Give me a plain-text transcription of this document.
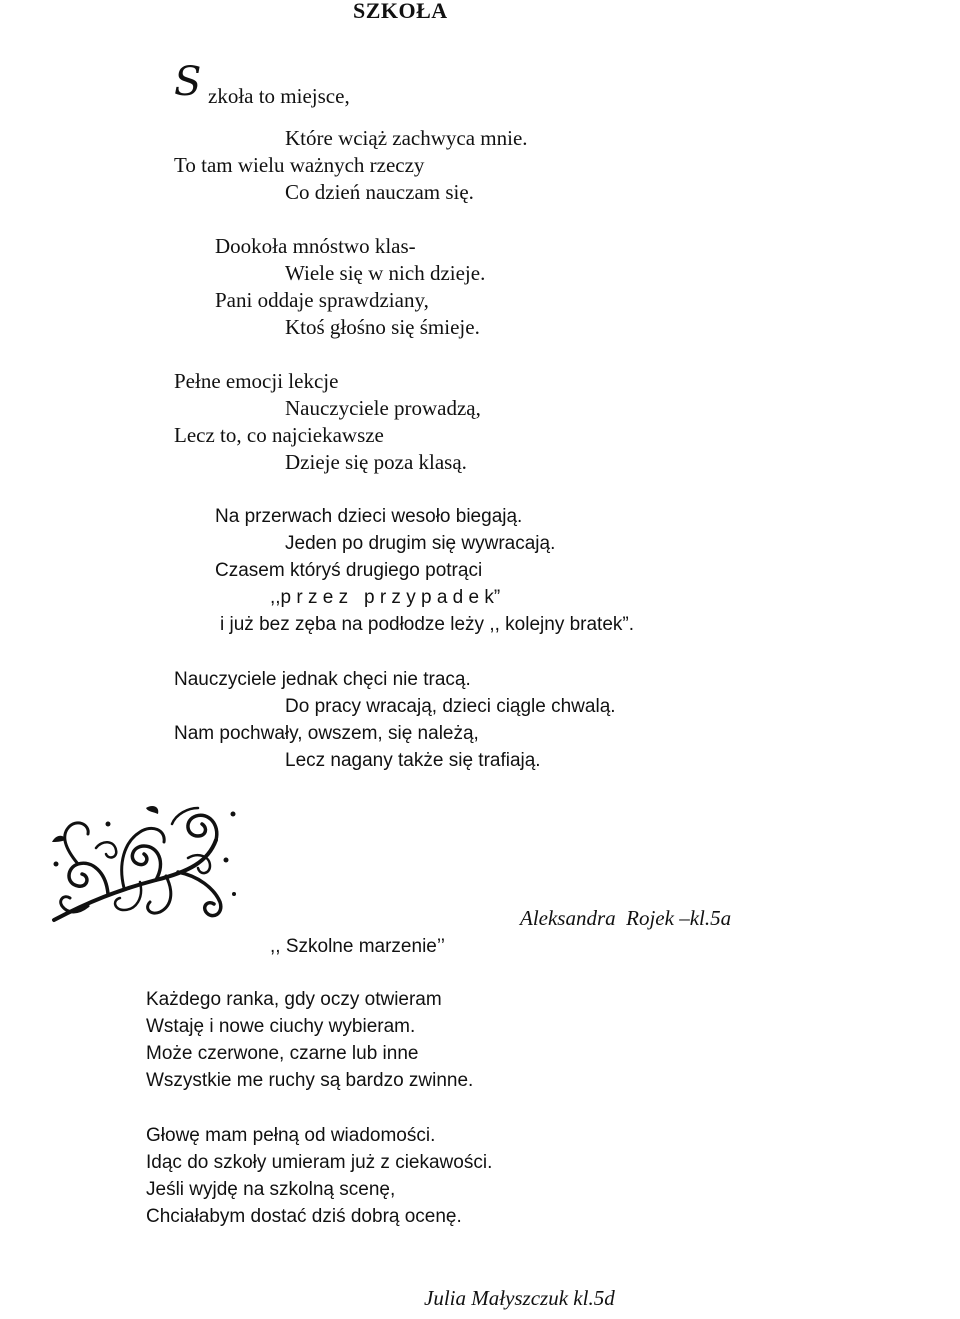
SZKOŁA
S zkoła to miejsce,
Które wciąż zachwyca mnie.
To tam wielu ważnych rzeczy
Co dzień nauczam się.
Dookoła mnóstwo klas-
Wiele się w nich dzieje.
Pani oddaje sprawdziany,
Ktoś głośno się śmieje.
Pełne emocji lekcje
Nauczyciele prowadzą,
Lecz to, co najciekawsze
Dzieje się poza klasą.
Na przerwach dzieci wesoło biegają.
Jeden po drugim się wywracają.
Czasem któryś drugiego potrąci
,,p r z e z   p r z y p a d e k”
i już bez zęba na podłodze leży ,, kolejny bratek”.
Nauczyciele jednak chęci nie tracą.
Do pracy wracają, dzieci ciągle chwalą.
Nam pochwały, owszem, się należą,
Lecz nagany także się trafiają.
Aleksandra  Rojek –kl.5a
,, Szkolne marzenie’’
Każdego ranka, gdy oczy otwieram
Wstaję i nowe ciuchy wybieram.
Może czerwone, czarne lub inne
Wszystkie me ruchy są bardzo zwinne.
Głowę mam pełną od wiadomości.
Idąc do szkoły umieram już z ciekawości.
Jeśli wyjdę na szkolną scenę,
Chciałabym dostać dziś dobrą ocenę.
Julia Małyszczuk kl.5d
